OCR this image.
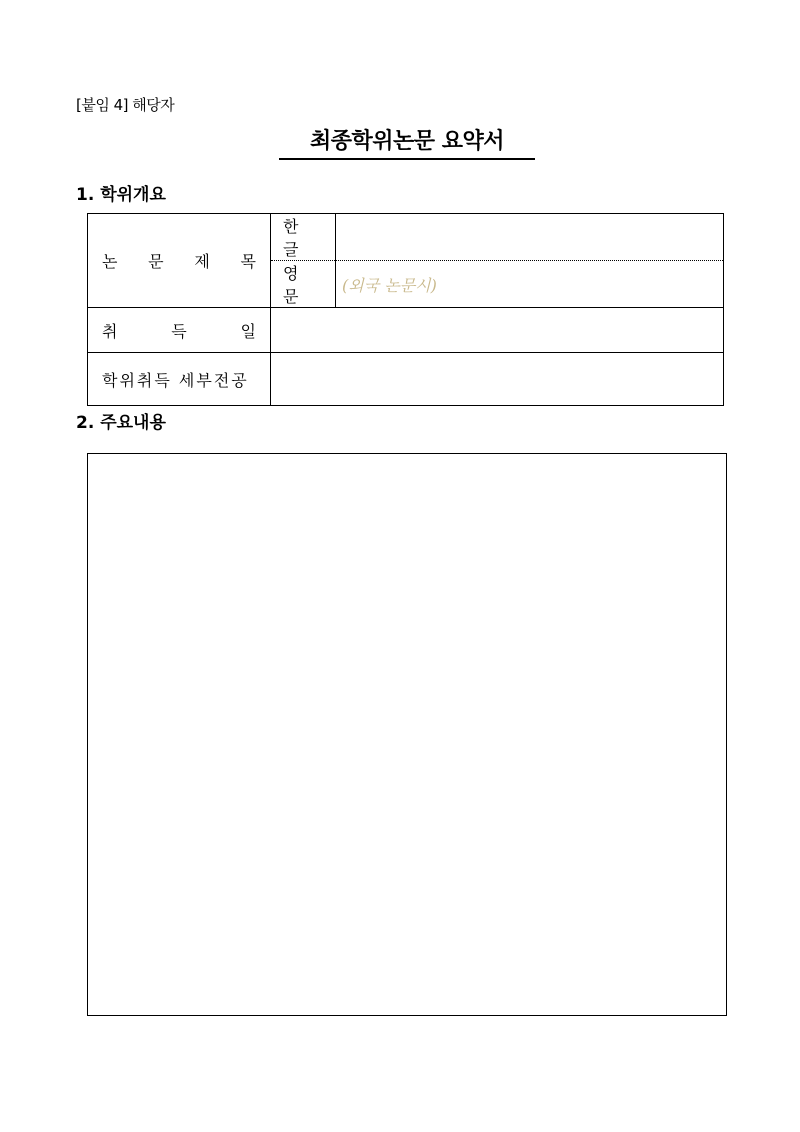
[붙임 4] 해당자
최종학위논문 요약서
1. 학위개요
논 문 제 목	한 글	
	영 문	(외국 논문시)

취 득 일		

학위취득 세부전공		
2. 주요내용
